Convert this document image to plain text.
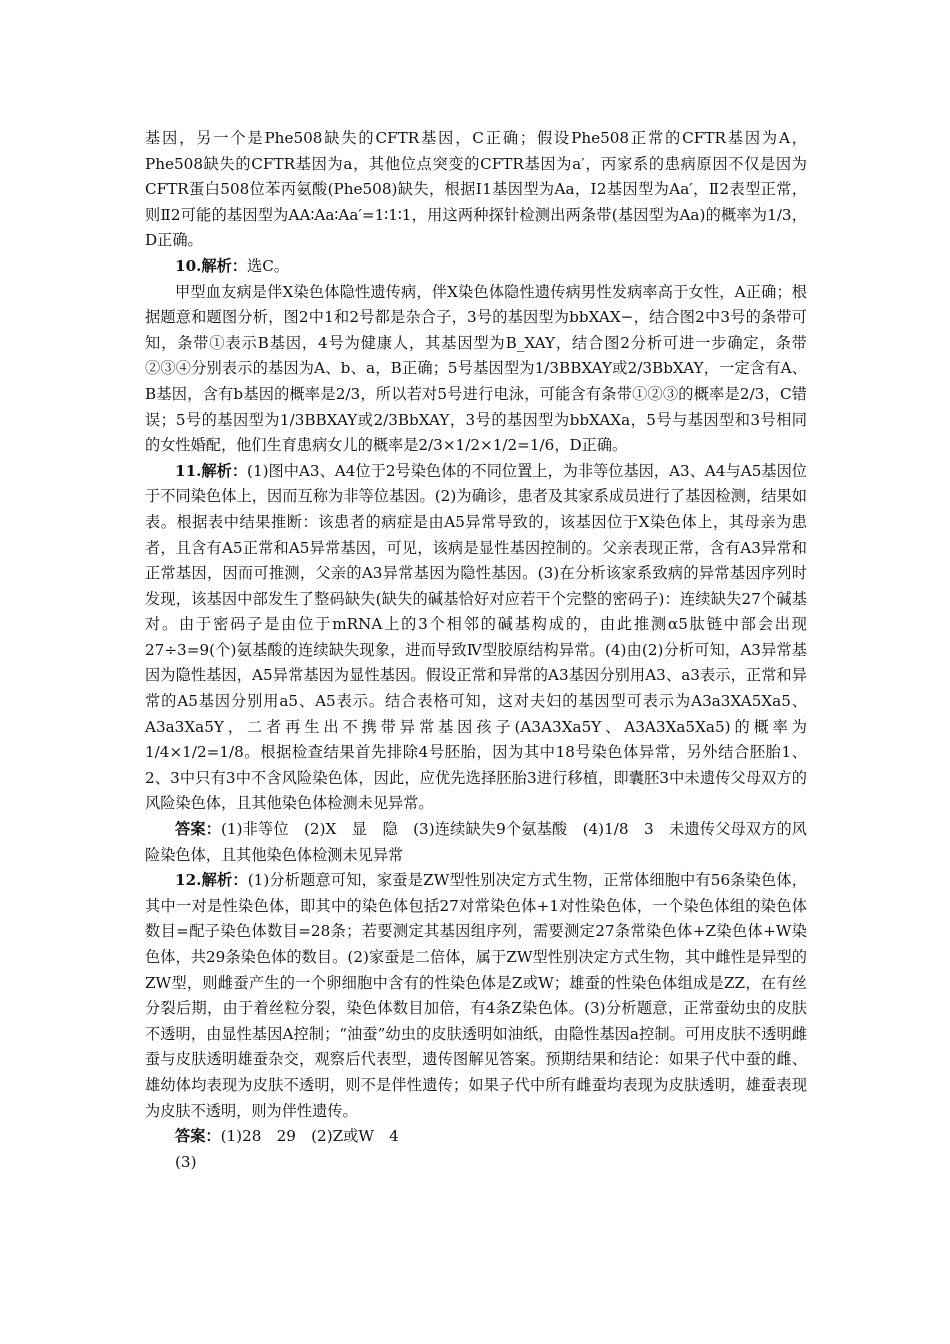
基因，另一个是Phe508缺失的CFTR基因，C正确；假设Phe508正常的CFTR基因为A，Phe508缺失的CFTR基因为a，其他位点突变的CFTR基因为a′，丙家系的患病原因不仅是因为CFTR蛋白508位苯丙氨酸(Phe508)缺失，根据Ⅰ1基因型为Aa，Ⅰ2基因型为Aa′，Ⅱ2表型正常，则Ⅱ2可能的基因型为AA∶Aa∶Aa′=1∶1∶1，用这两种探针检测出两条带(基因型为Aa)的概率为1/3，D正确。

10.解析：选C。

甲型血友病是伴X染色体隐性遗传病，伴X染色体隐性遗传病男性发病率高于女性，A正确；根据题意和题图分析，图2中1和2号都是杂合子，3号的基因型为bbXAX−，结合图2中3号的条带可知，条带①表示B基因，4号为健康人，其基因型为B_XAY，结合图2分析可进一步确定，条带②③④分别表示的基因为A、b、a，B正确；5号基因型为1/3BBXAY或2/3BbXAY，一定含有A、B基因，含有b基因的概率是2/3，所以若对5号进行电泳，可能含有条带①②③的概率是2/3，C错误；5号的基因型为1/3BBXAY或2/3BbXAY，3号的基因型为bbXAXa，5号与基因型和3号相同的女性婚配，他们生育患病女儿的概率是2/3×1/2×1/2=1/6，D正确。

11.解析：(1)图中A3、A4位于2号染色体的不同位置上，为非等位基因，A3、A4与A5基因位于不同染色体上，因而互称为非等位基因。(2)为确诊，患者及其家系成员进行了基因检测，结果如表。根据表中结果推断：该患者的病症是由A5异常导致的，该基因位于X染色体上，其母亲为患者，且含有A5正常和A5异常基因，可见，该病是显性基因控制的。父亲表现正常，含有A3异常和正常基因，因而可推测，父亲的A3异常基因为隐性基因。(3)在分析该家系致病的异常基因序列时发现，该基因中部发生了整码缺失(缺失的碱基恰好对应若干个完整的密码子)：连续缺失27个碱基对。由于密码子是由位于mRNA上的3个相邻的碱基构成的，由此推测α5肽链中部会出现27÷3=9(个)氨基酸的连续缺失现象，进而导致Ⅳ型胶原结构异常。(4)由(2)分析可知，A3异常基因为隐性基因，A5异常基因为显性基因。假设正常和异常的A3基因分别用A3、a3表示，正常和异常的A5基因分别用a5、A5表示。结合表格可知，这对夫妇的基因型可表示为A3a3XA5Xa5、A3a3Xa5Y，二者再生出不携带异常基因孩子(A3A3Xa5Y、A3A3Xa5Xa5)的概率为1/4×1/2=1/8。根据检查结果首先排除4号胚胎，因为其中18号染色体异常，另外结合胚胎1、2、3中只有3中不含风险染色体，因此，应优先选择胚胎3进行移植，即囊胚3中未遗传父母双方的风险染色体，且其他染色体检测未见异常。

答案：(1)非等位　(2)X　显　隐　(3)连续缺失9个氨基酸　(4)1/8　3　未遗传父母双方的风险染色体，且其他染色体检测未见异常

12.解析：(1)分析题意可知，家蚕是ZW型性别决定方式生物，正常体细胞中有56条染色体，其中一对是性染色体，即其中的染色体包括27对常染色体+1对性染色体，一个染色体组的染色体数目=配子染色体数目=28条；若要测定其基因组序列，需要测定27条常染色体+Z染色体+W染色体，共29条染色体的数目。(2)家蚕是二倍体，属于ZW型性别决定方式生物，其中雌性是异型的ZW型，则雌蚕产生的一个卵细胞中含有的性染色体是Z或W；雄蚕的性染色体组成是ZZ，在有丝分裂后期，由于着丝粒分裂，染色体数目加倍，有4条Z染色体。(3)分析题意，正常蚕幼虫的皮肤不透明，由显性基因A控制；“油蚕”幼虫的皮肤透明如油纸，由隐性基因a控制。可用皮肤不透明雌蚕与皮肤透明雄蚕杂交，观察后代表型，遗传图解见答案。预期结果和结论：如果子代中蚕的雌、雄幼体均表现为皮肤不透明，则不是伴性遗传；如果子代中所有雌蚕均表现为皮肤透明，雄蚕表现为皮肤不透明，则为伴性遗传。

答案：(1)28　29　(2)Z或W　4

(3)
